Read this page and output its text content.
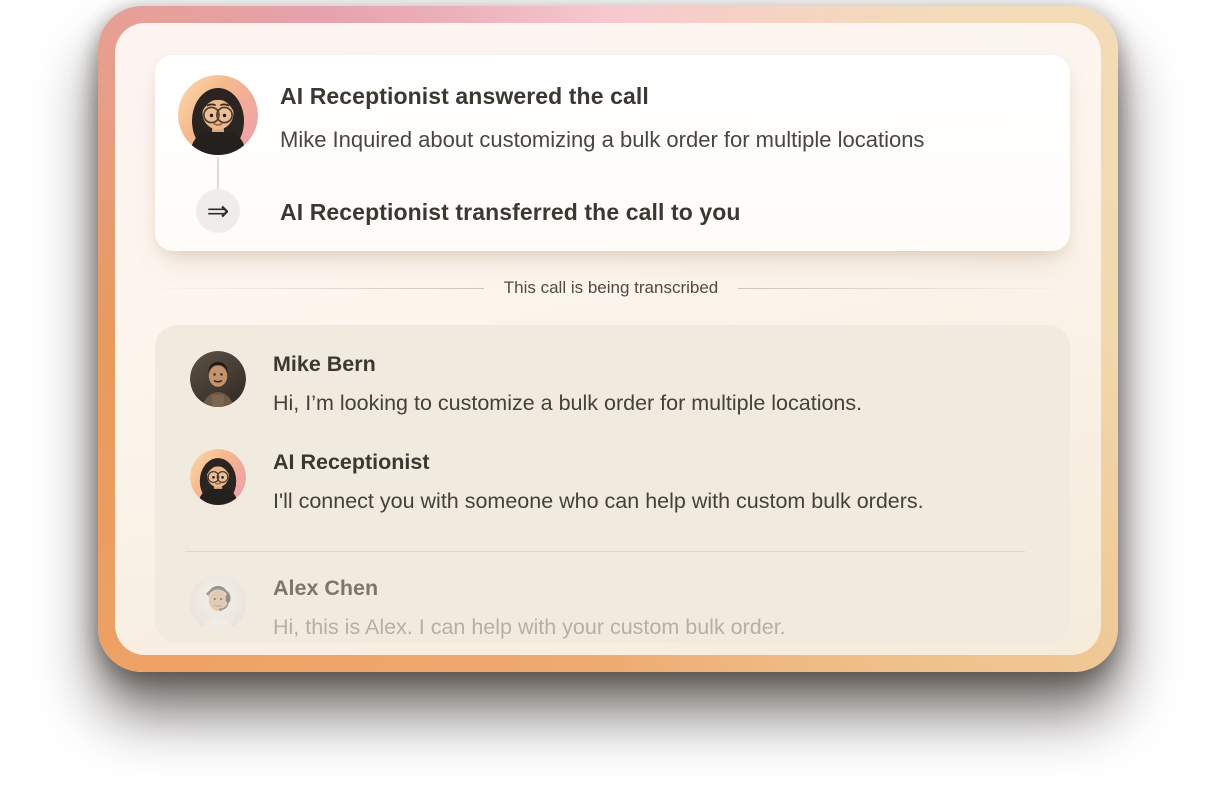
AI Receptionist answered the call
Mike Inquired about customizing a bulk order for multiple locations
⇒	AI Receptionist transferred the call to you
This call is being transcribed
Mike Bern
Hi, I’m looking to customize a bulk order for multiple locations.
AI Receptionist
I'll connect you with someone who can help with custom bulk orders.
Alex Chen
Hi, this is Alex. I can help with your custom bulk order.
